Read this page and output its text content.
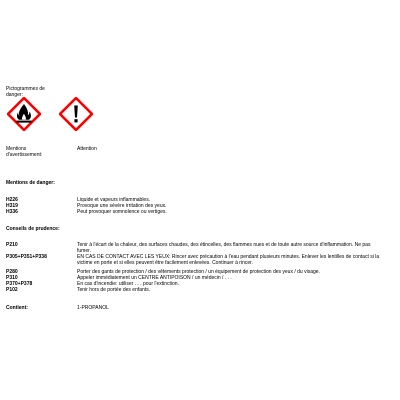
Pictogrammes de danger:
Mentions d'avertissement:
Attention
Mentions de danger:
H226	Liquide et vapeurs inflammables.
H319	Provoque une sévère irritation des yeux.
H336	Peut provoquer somnolence ou vertiges.
Conseils de prudence:
P210	Tenir à l'écart de la chaleur, des surfaces chaudes, des étincelles, des flammes nues et de toute autre source d'inflammation. Ne pas fumer.
P305+P351+P338	EN CAS DE CONTACT AVEC LES YEUX: Rincer avec précaution à l'eau pendant plusieurs minutes. Enlever les lentilles de contact si la victime en porte et si elles peuvent être facilement enlevées. Continuer à rincer.
P280	Porter des gants de protection / des vêtements protection / un équipement de protection des yeux / du visage.
P310	Appeler immédiatement un CENTRE ANTIPOISON / un médecin / . . .
P370+P378	En cas d'incendie: utiliser . . . pour l'extinction.
P102	Tenir hors de portée des enfants.
Contient:	1-PROPANOL
